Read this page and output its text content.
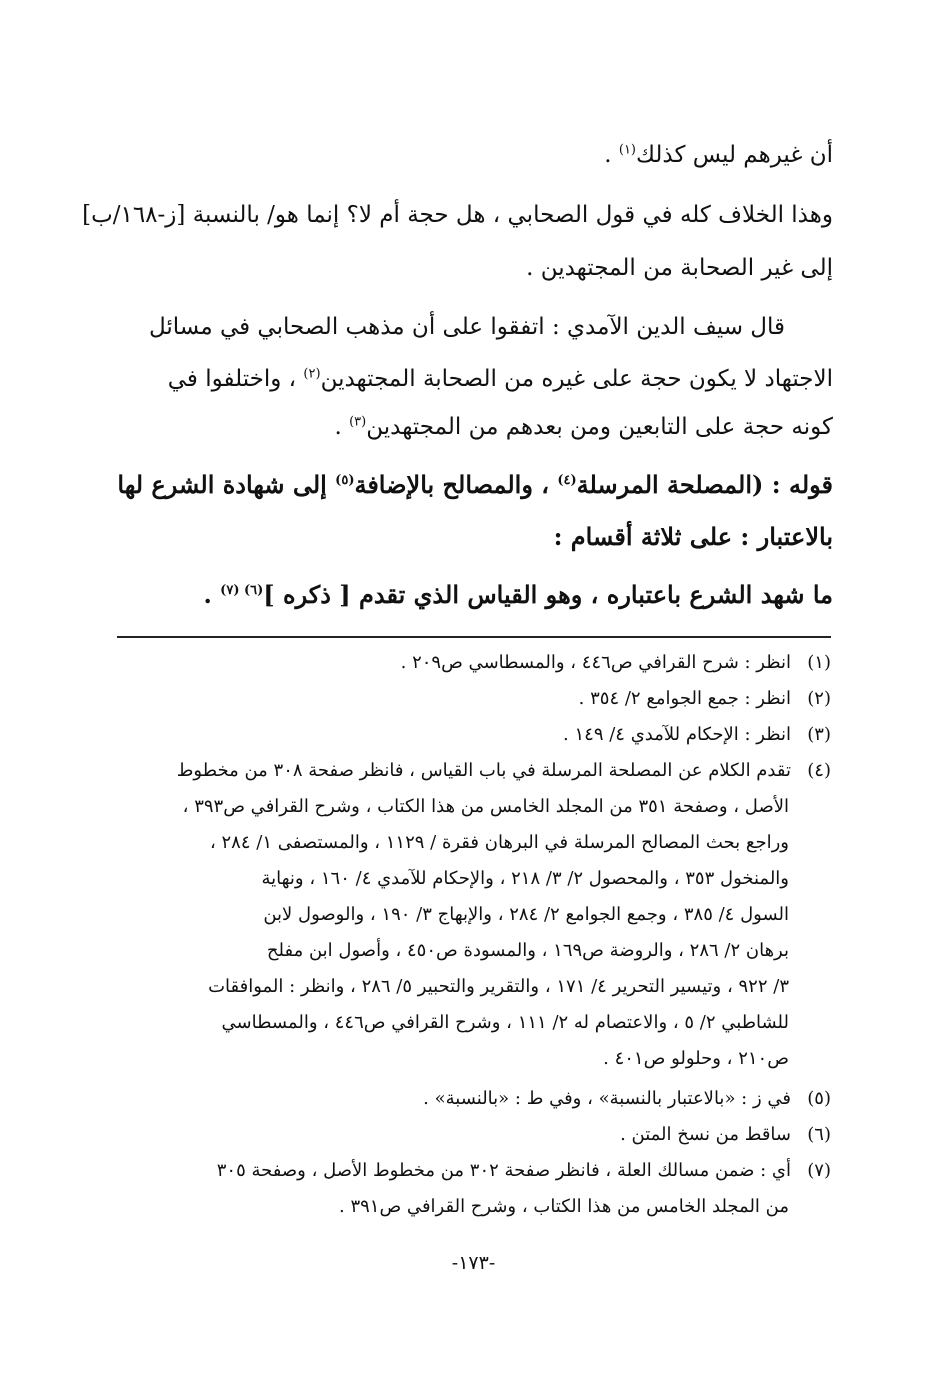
أن غيرهم ليس كذلك$^{(١)}$ .
وهذا الخلاف كله في قول الصحابي ، هل حجة أم لا؟ إنما هو/ بالنسبة [ز-١٦٨/ب]
إلى غير الصحابة من المجتهدين .
قال سيف الدين الآمدي : اتفقوا على أن مذهب الصحابي في مسائل
الاجتهاد لا يكون حجة على غيره من الصحابة المجتهدين$^{(٢)}$ ، واختلفوا في
كونه حجة على التابعين ومن بعدهم من المجتهدين$^{(٣)}$ .
قوله : (المصلحة المرسلة$^{(٤)}$ ، والمصالح بالإضافة$^{(٥)}$ إلى شهادة الشرع لها
بالاعتبار : على ثلاثة أقسام :
ما شهد الشرع باعتباره ، وهو القياس الذي تقدم [ ذكره ]$^{(٦) (٧)}$ .
(١)انظر : شرح القرافي ص٤٤٦ ، والمسطاسي ص٢٠٩ .
(٢)انظر : جمع الجوامع ٢/ ٣٥٤ .
(٣)انظر : الإحكام للآمدي ٤/ ١٤٩ .
(٤)تقدم الكلام عن المصلحة المرسلة في باب القياس ، فانظر صفحة ٣٠٨ من مخطوط
الأصل ، وصفحة ٣٥١ من المجلد الخامس من هذا الكتاب ، وشرح القرافي ص٣٩٣ ،
وراجع بحث المصالح المرسلة في البرهان فقرة / ١١٢٩ ، والمستصفى ١/ ٢٨٤ ،
والمنخول ٣٥٣ ، والمحصول ٢/ ٣/ ٢١٨ ، والإحكام للآمدي ٤/ ١٦٠ ، ونهاية
السول ٤/ ٣٨٥ ، وجمع الجوامع ٢/ ٢٨٤ ، والإبهاج ٣/ ١٩٠ ، والوصول لابن
برهان ٢/ ٢٨٦ ، والروضة ص١٦٩ ، والمسودة ص٤٥٠ ، وأصول ابن مفلح
٣/ ٩٢٢ ، وتيسير التحرير ٤/ ١٧١ ، والتقرير والتحبير ٥/ ٢٨٦ ، وانظر : الموافقات
للشاطبي ٢/ ٥ ، والاعتصام له ٢/ ١١١ ، وشرح القرافي ص٤٤٦ ، والمسطاسي
ص٢١٠ ، وحلولو ص٤٠١ .
(٥)في ز : «بالاعتبار بالنسبة» ، وفي ط : «بالنسبة» .
(٦)ساقط من نسخ المتن .
(٧)أي : ضمن مسالك العلة ، فانظر صفحة ٣٠٢ من مخطوط الأصل ، وصفحة ٣٠٥
من المجلد الخامس من هذا الكتاب ، وشرح القرافي ص٣٩١ .
-١٧٣-
